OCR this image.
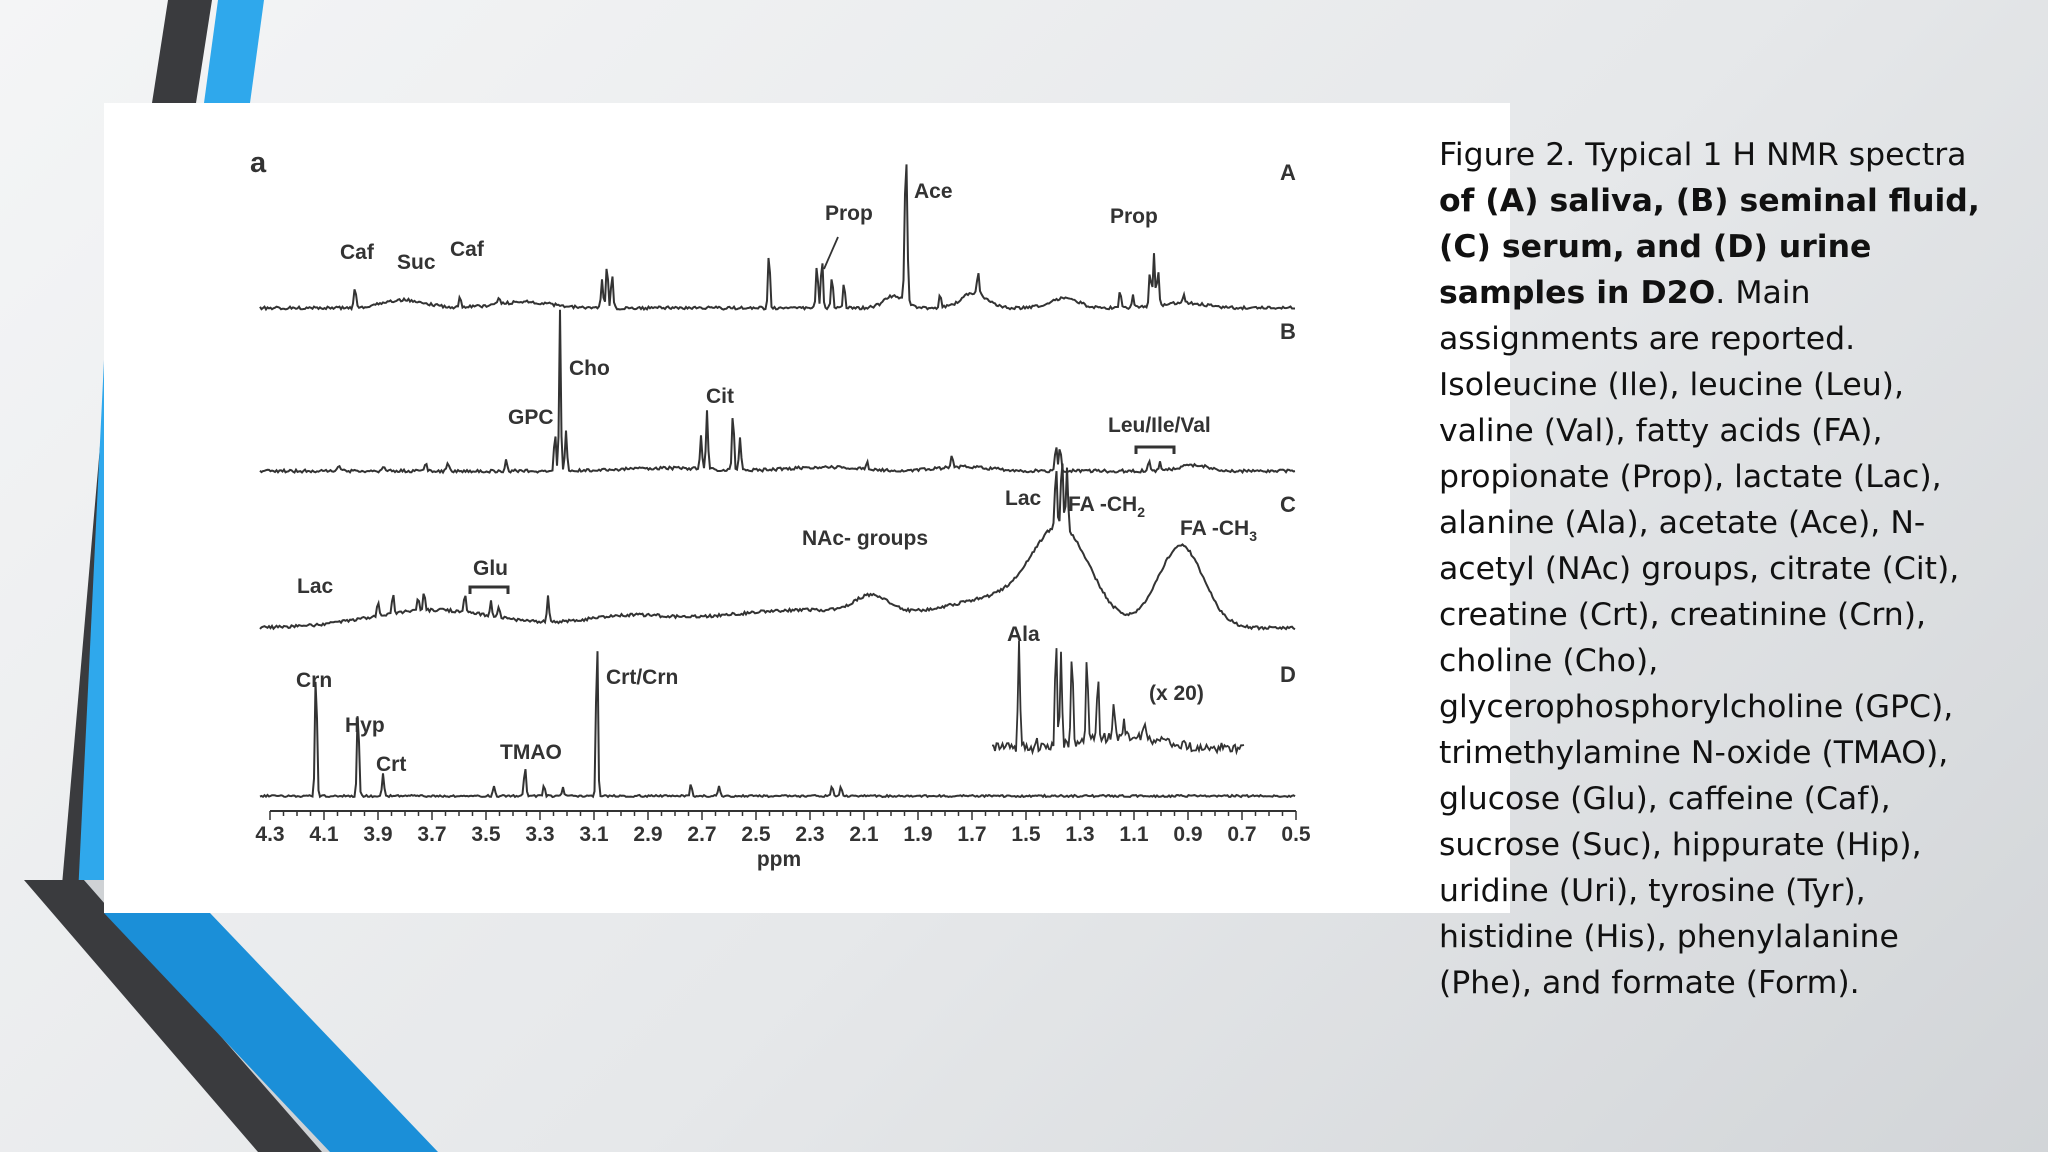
a	A
Caf Suc
Caf
Prop
Ace
Prop
B
GPC
Cho
Cit
Leu/Ile/Val
C
Lac
Glu
NAc- groups
Lac FA $-CH_2$
FA $-CH_3$
D
Crn
Hyp
Crt
TMAO
Crt/Crn
Ala
(x 20)
4.3 4.1 3.9 3.7 3.5 3.3 3.1 2.9 2.7 2.5 2.3 2.1 1.9 1.7 1.5 1.3 1.1 0.9 0.7 0.5
ppm

Figure 2. Typical 1 H NMR spectra of (A) saliva, (B) seminal fluid, (C) serum, and (D) urine samples in D2O. Main assignments are reported. Isoleucine (Ile), leucine (Leu), valine (Val), fatty acids (FA), propionate (Prop), lactate (Lac), alanine (Ala), acetate (Ace), N-acetyl (NAc) groups, citrate (Cit), creatine (Crt), creatinine (Crn), choline (Cho), glycerophosphorylcholine (GPC), trimethylamine N-oxide (TMAO), glucose (Glu), caffeine (Caf), sucrose (Suc), hippurate (Hip), uridine (Uri), tyrosine (Tyr), histidine (His), phenylalanine (Phe), and formate (Form).
